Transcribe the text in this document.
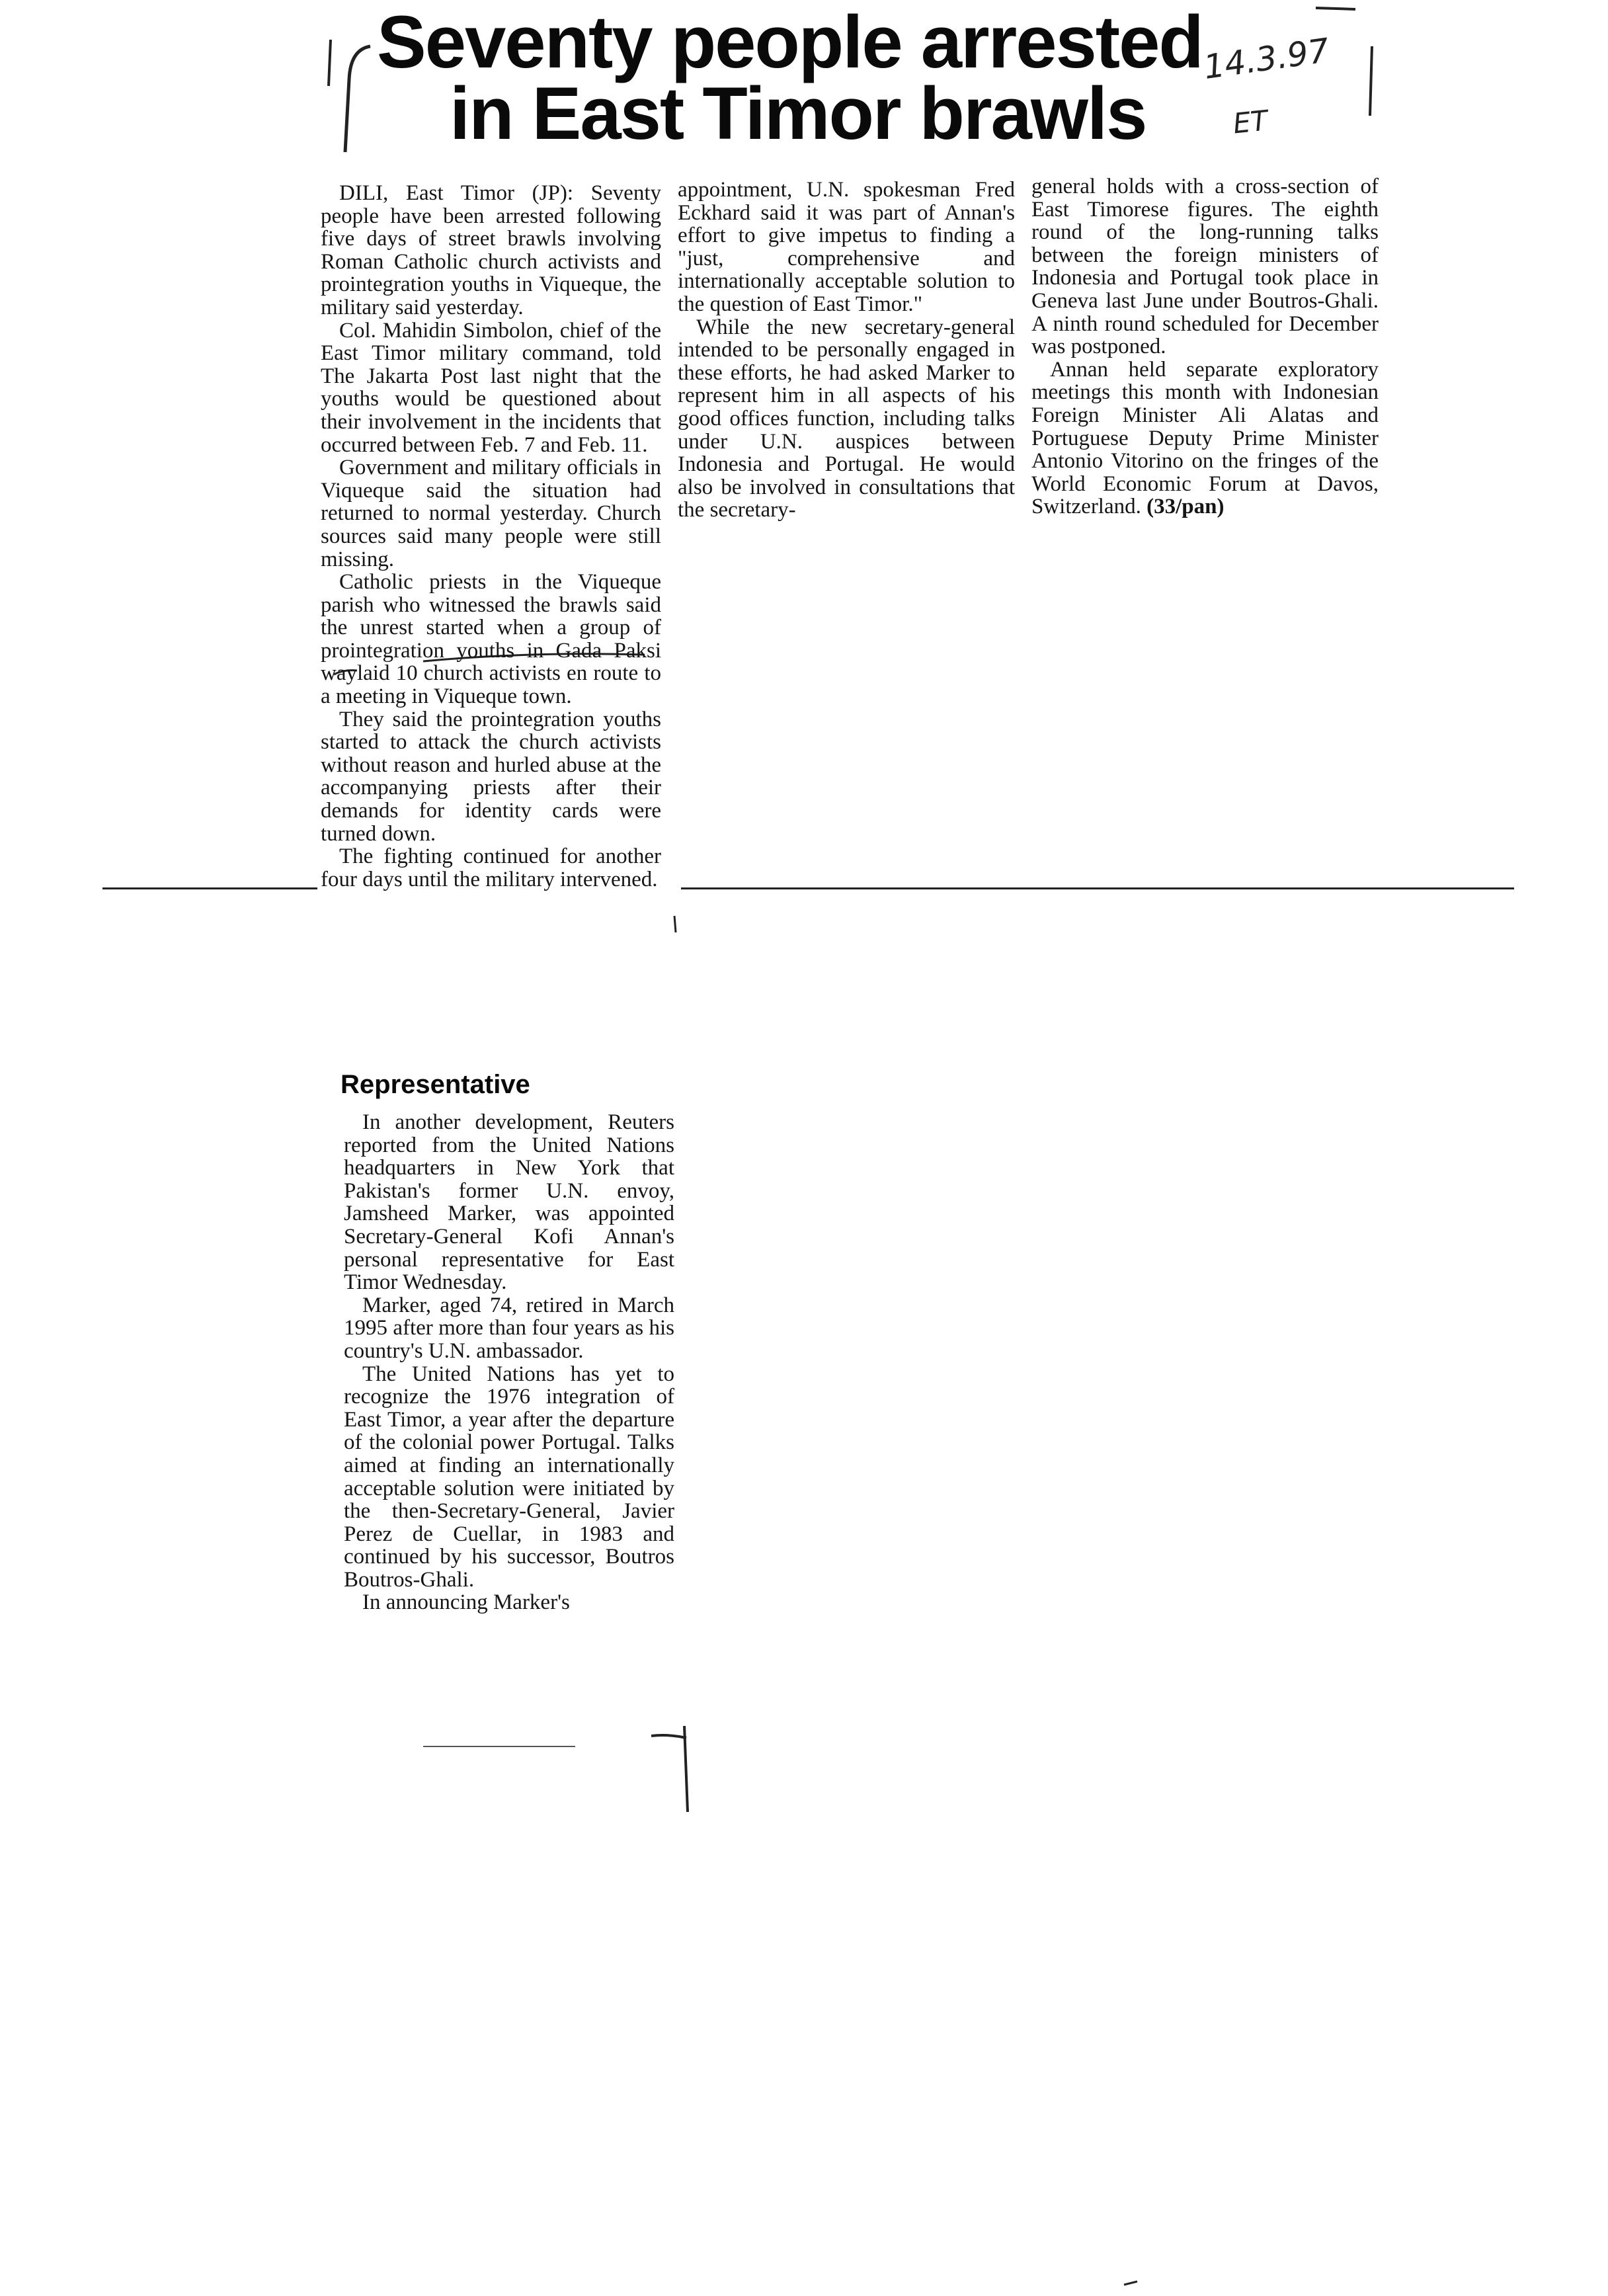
Seventy people arrested
in East Timor brawls
14.3.97
ET

DILI, East Timor (JP): Seventy people have been arrested following five days of street brawls involving Roman Catholic church activists and prointegration youths in Viqueque, the military said yesterday.

Col. Mahidin Simbolon, chief of the East Timor military command, told The Jakarta Post last night that the youths would be questioned about their involvement in the incidents that occurred between Feb. 7 and Feb. 11.

Government and military officials in Viqueque said the situation had returned to normal yesterday. Church sources said many people were still missing.

Catholic priests in the Viqueque parish who witnessed the brawls said the unrest started when a group of prointegration youths in Gada Paksi waylaid 10 church activists en route to a meeting in Viqueque town.

They said the prointegration youths started to attack the church activists without reason and hurled abuse at the accompanying priests after their demands for identity cards were turned down.

The fighting continued for another four days until the military intervened.

Representative

In another development, Reuters reported from the United Nations headquarters in New York that Pakistan's former U.N. envoy, Jamsheed Marker, was appointed Secretary-General Kofi Annan's personal representative for East Timor Wednesday.

Marker, aged 74, retired in March 1995 after more than four years as his country's U.N. ambassador.

The United Nations has yet to recognize the 1976 integration of East Timor, a year after the departure of the colonial power Portugal. Talks aimed at finding an internationally acceptable solution were initiated by the then-Secretary-General, Javier Perez de Cuellar, in 1983 and continued by his successor, Boutros Boutros-Ghali.

In announcing Marker's

appointment, U.N. spokesman Fred Eckhard said it was part of Annan's effort to give impetus to finding a "just, comprehensive and internationally acceptable solution to the question of East Timor."

While the new secretary-general intended to be personally engaged in these efforts, he had asked Marker to represent him in all aspects of his good offices function, including talks under U.N. auspices between Indonesia and Portugal. He would also be involved in consultations that the secretary-

general holds with a cross-section of East Timorese figures. The eighth round of the long-running talks between the foreign ministers of Indonesia and Portugal took place in Geneva last June under Boutros-Ghali. A ninth round scheduled for December was postponed.

Annan held separate exploratory meetings this month with Indonesian Foreign Minister Ali Alatas and Portuguese Deputy Prime Minister Antonio Vitorino on the fringes of the World Economic Forum at Davos, Switzerland. (33/pan)
